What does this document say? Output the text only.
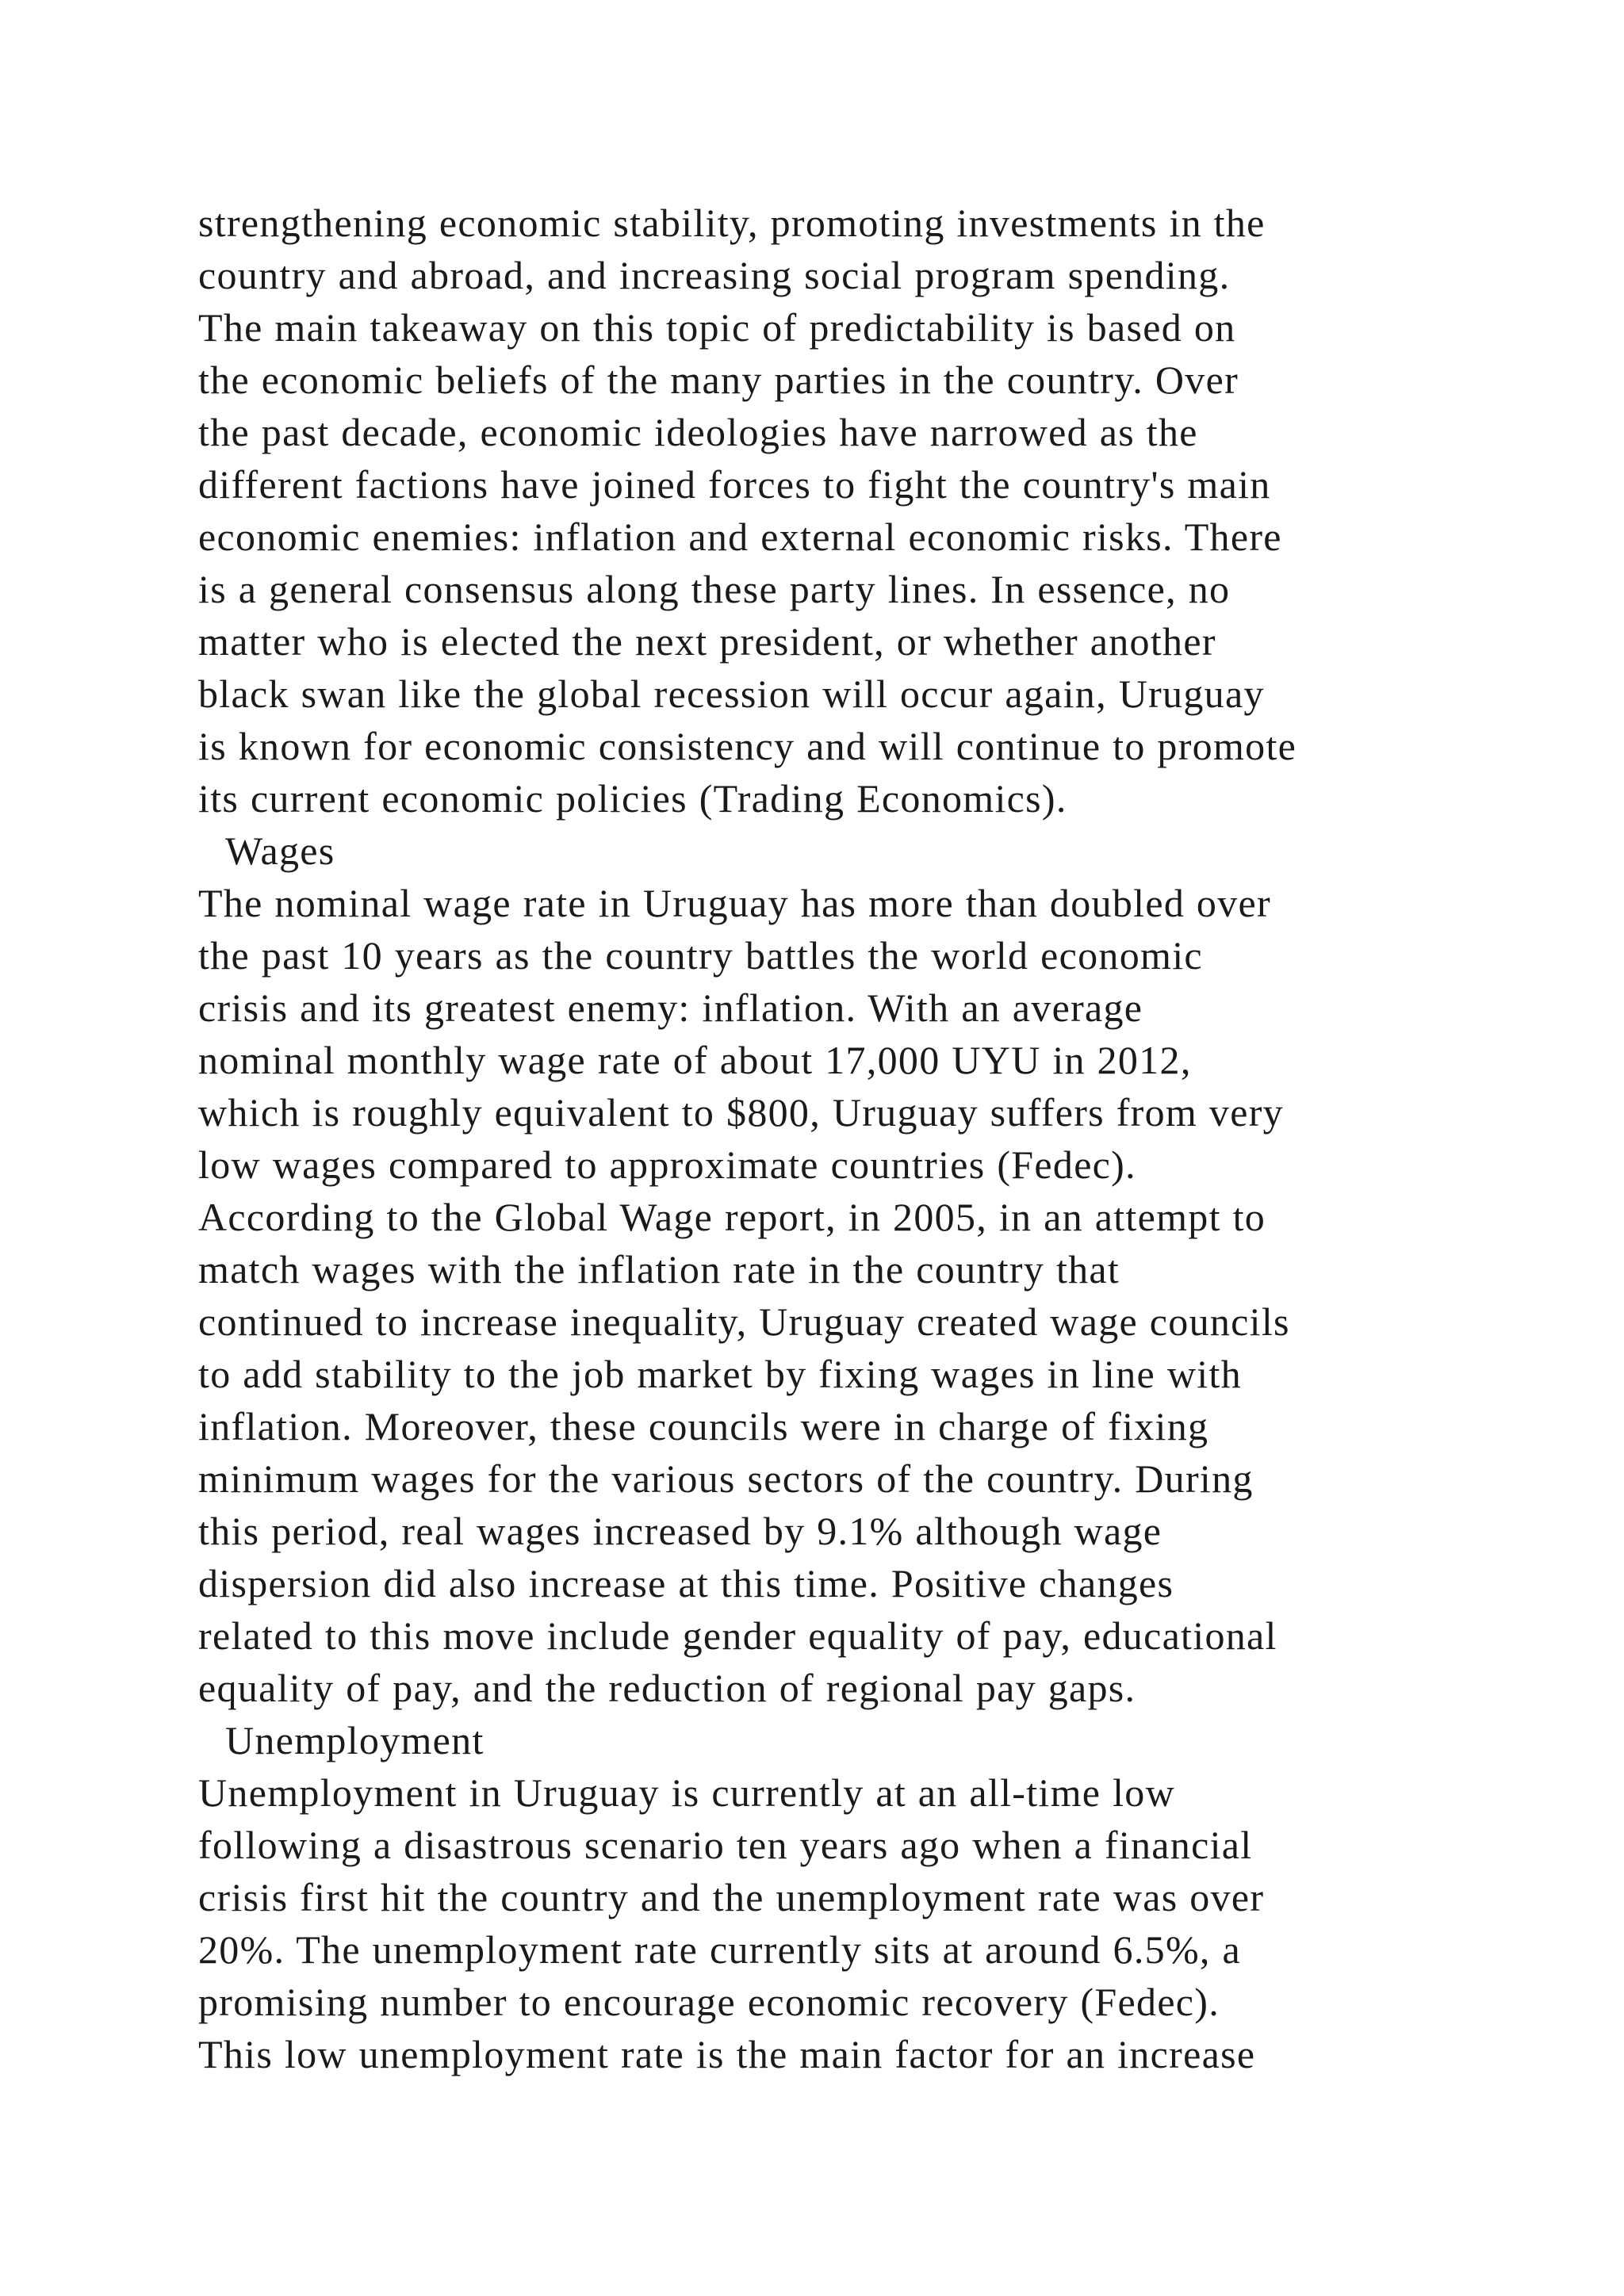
strengthening economic stability, promoting investments in the
country and abroad, and increasing social program spending.
The main takeaway on this topic of predictability is based on
the economic beliefs of the many parties in the country. Over
the past decade, economic ideologies have narrowed as the
different factions have joined forces to fight the country's main
economic enemies: inflation and external economic risks. There
is a general consensus along these party lines. In essence, no
matter who is elected the next president, or whether another
black swan like the global recession will occur again, Uruguay
is known for economic consistency and will continue to promote
its current economic policies (Trading Economics).
Wages
The nominal wage rate in Uruguay has more than doubled over
the past 10 years as the country battles the world economic
crisis and its greatest enemy: inflation. With an average
nominal monthly wage rate of about 17,000 UYU in 2012,
which is roughly equivalent to $800, Uruguay suffers from very
low wages compared to approximate countries (Fedec).
According to the Global Wage report, in 2005, in an attempt to
match wages with the inflation rate in the country that
continued to increase inequality, Uruguay created wage councils
to add stability to the job market by fixing wages in line with
inflation. Moreover, these councils were in charge of fixing
minimum wages for the various sectors of the country. During
this period, real wages increased by 9.1% although wage
dispersion did also increase at this time. Positive changes
related to this move include gender equality of pay, educational
equality of pay, and the reduction of regional pay gaps.
Unemployment
Unemployment in Uruguay is currently at an all-time low
following a disastrous scenario ten years ago when a financial
crisis first hit the country and the unemployment rate was over
20%. The unemployment rate currently sits at around 6.5%, a
promising number to encourage economic recovery (Fedec).
This low unemployment rate is the main factor for an increase
